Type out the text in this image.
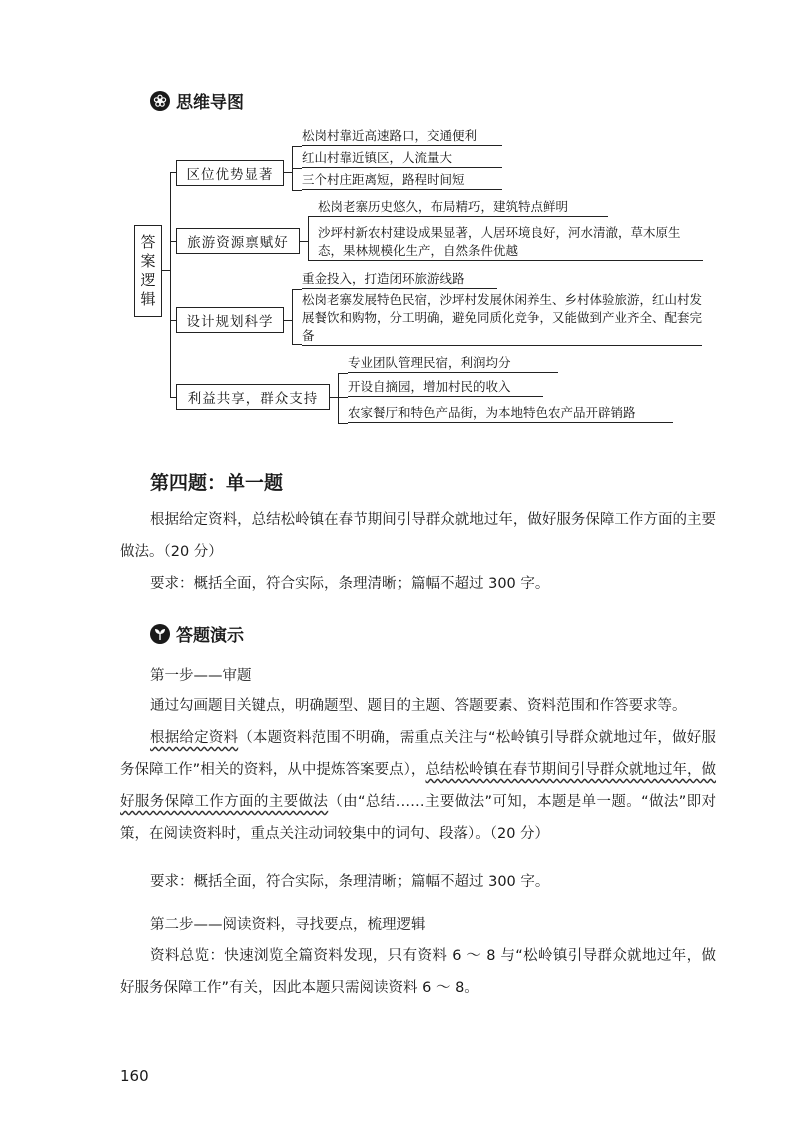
思维导图
答
案
逻
辑
区位优势显著
松岗村靠近高速路口，交通便利
红山村靠近镇区，人流量大
三个村庄距离短，路程时间短
旅游资源禀赋好
松岗老寨历史悠久，布局精巧，建筑特点鲜明
沙坪村新农村建设成果显著，人居环境良好，河水清澈，草木原生态，果林规模化生产，自然条件优越
设计规划科学
重金投入，打造闭环旅游线路
松岗老寨发展特色民宿，沙坪村发展休闲养生、乡村体验旅游，红山村发展餐饮和购物，分工明确，避免同质化竞争，又能做到产业齐全、配套完备
利益共享，群众支持
专业团队管理民宿，利润均分
开设自摘园，增加村民的收入
农家餐厅和特色产品街，为本地特色农产品开辟销路
第四题：单一题
根据给定资料，总结松岭镇在春节期间引导群众就地过年，做好服务保障工作方面的主要做法。（20 分）
要求：概括全面，符合实际，条理清晰；篇幅不超过 300 字。
答题演示
第一步——审题
通过勾画题目关键点，明确题型、题目的主题、答题要素、资料范围和作答要求等。
根据给定资料（本题资料范围不明确，需重点关注与“松岭镇引导群众就地过年，做好服务保障工作”相关的资料，从中提炼答案要点），总结松岭镇在春节期间引导群众就地过年，做好服务保障工作方面的主要做法（由“总结……主要做法”可知，本题是单一题。“做法”即对策，在阅读资料时，重点关注动词较集中的词句、段落）。（20 分）
要求：概括全面，符合实际，条理清晰；篇幅不超过 300 字。
第二步——阅读资料，寻找要点，梳理逻辑
资料总览：快速浏览全篇资料发现，只有资料 6 ～ 8 与“松岭镇引导群众就地过年，做好服务保障工作”有关，因此本题只需阅读资料 6 ～ 8。
160
